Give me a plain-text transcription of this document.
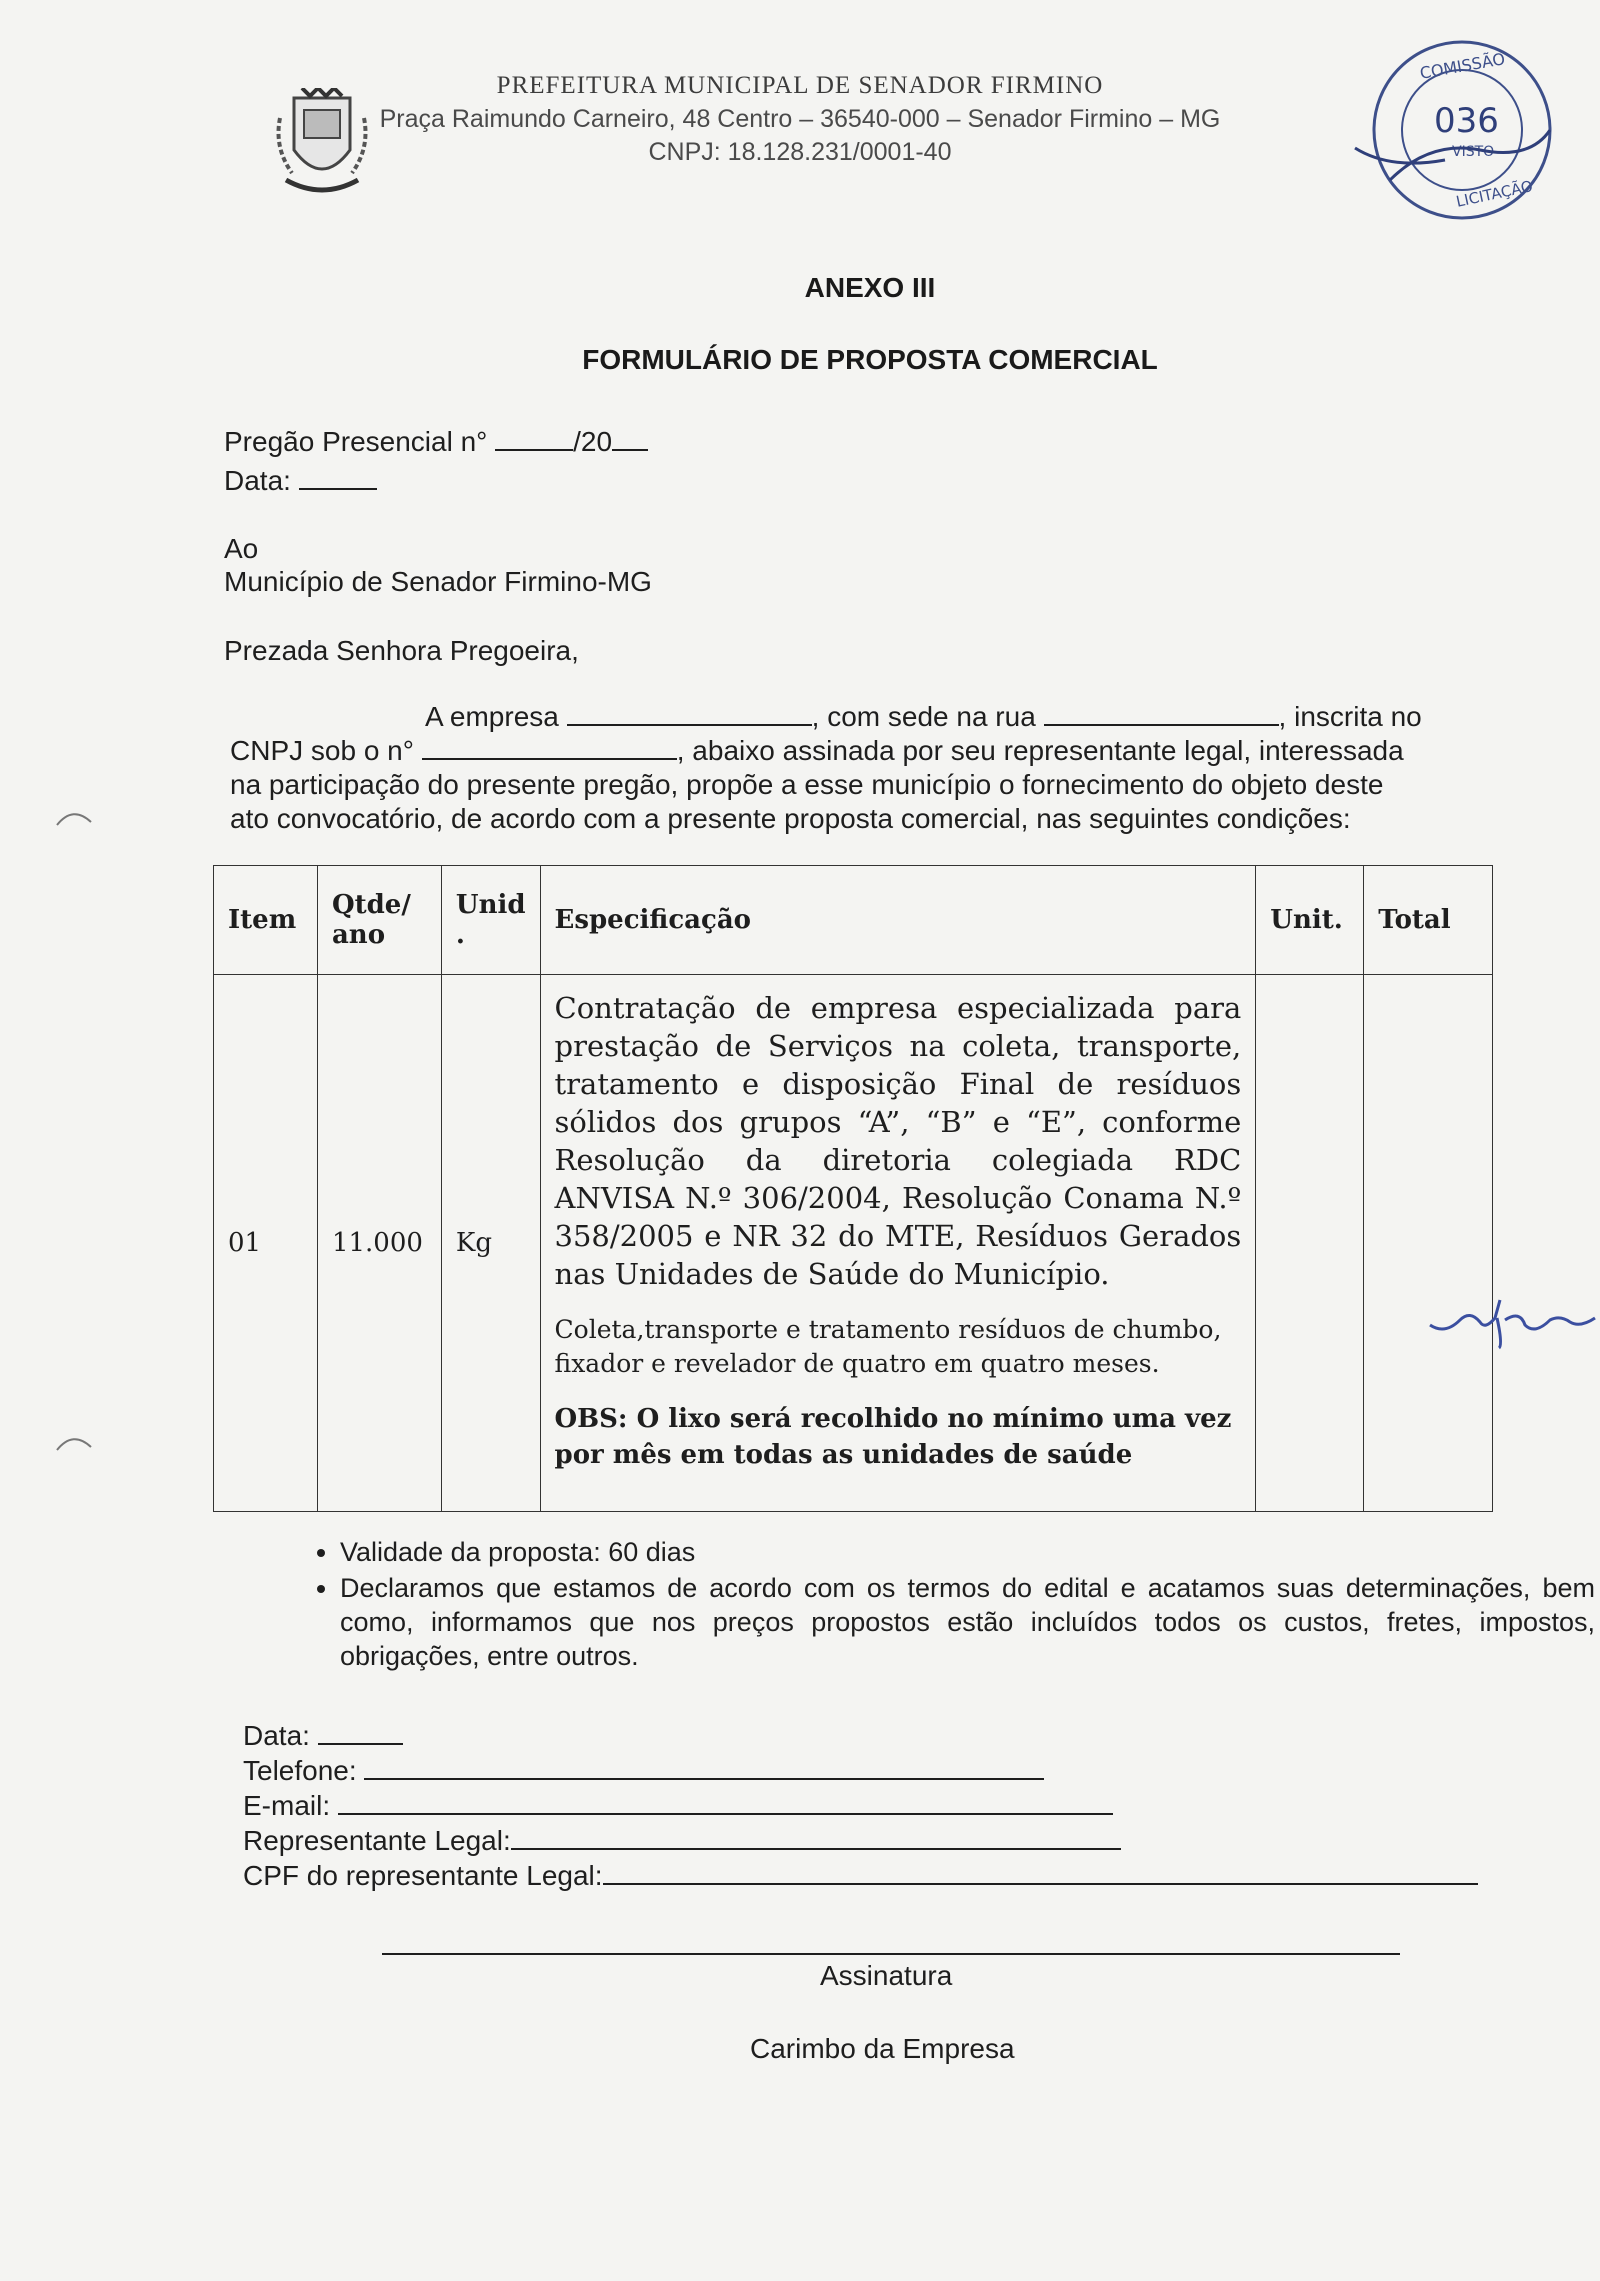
PREFEITURA MUNICIPAL DE SENADOR FIRMINO
Praça Raimundo Carneiro, 48 Centro – 36540-000 – Senador Firmino – MG
CNPJ: 18.128.231/0001-40
COMISSÃO
036
VISTO
LICITAÇÃO
ANEXO III
FORMULÁRIO DE PROPOSTA COMERCIAL
Pregão Presencial n°	/20
Data:
Ao
Município de Senador Firmino-MG
Prezada Senhora Pregoeira,
A empresa	, com sede na rua	, inscrita no
CNPJ sob o n°	, abaixo assinada por seu representante legal, interessada
na participação do presente pregão, propõe a esse município o fornecimento do objeto deste
ato convocatório, de acordo com a presente proposta comercial, nas seguintes condições:
Item	Qtde/ ano	Unid .	Especificação	Unit.	Total
01	11.000	Kg	Contratação de empresa especializada para prestação de Serviços na coleta, transporte, tratamento e disposição Final de resíduos sólidos dos grupos “A”, “B” e “E”, conforme Resolução da diretoria colegiada RDC ANVISA N.º 306/2004, Resolução Conama N.º 358/2005 e NR 32 do MTE, Resíduos Gerados nas Unidades de Saúde do Município.
Coleta,transporte e tratamento resíduos de chumbo, fixador e revelador de quatro em quatro meses.
OBS: O lixo será recolhido no mínimo uma vez por mês em todas as unidades de saúde		

• Validade da proposta: 60 dias
• Declaramos que estamos de acordo com os termos do edital e acatamos suas determinações, bem como, informamos que nos preços propostos estão incluídos todos os custos, fretes, impostos, obrigações, entre outros.
Data:
Telefone:
E-mail:
Representante Legal:
CPF do representante Legal:
Assinatura
Carimbo da Empresa
